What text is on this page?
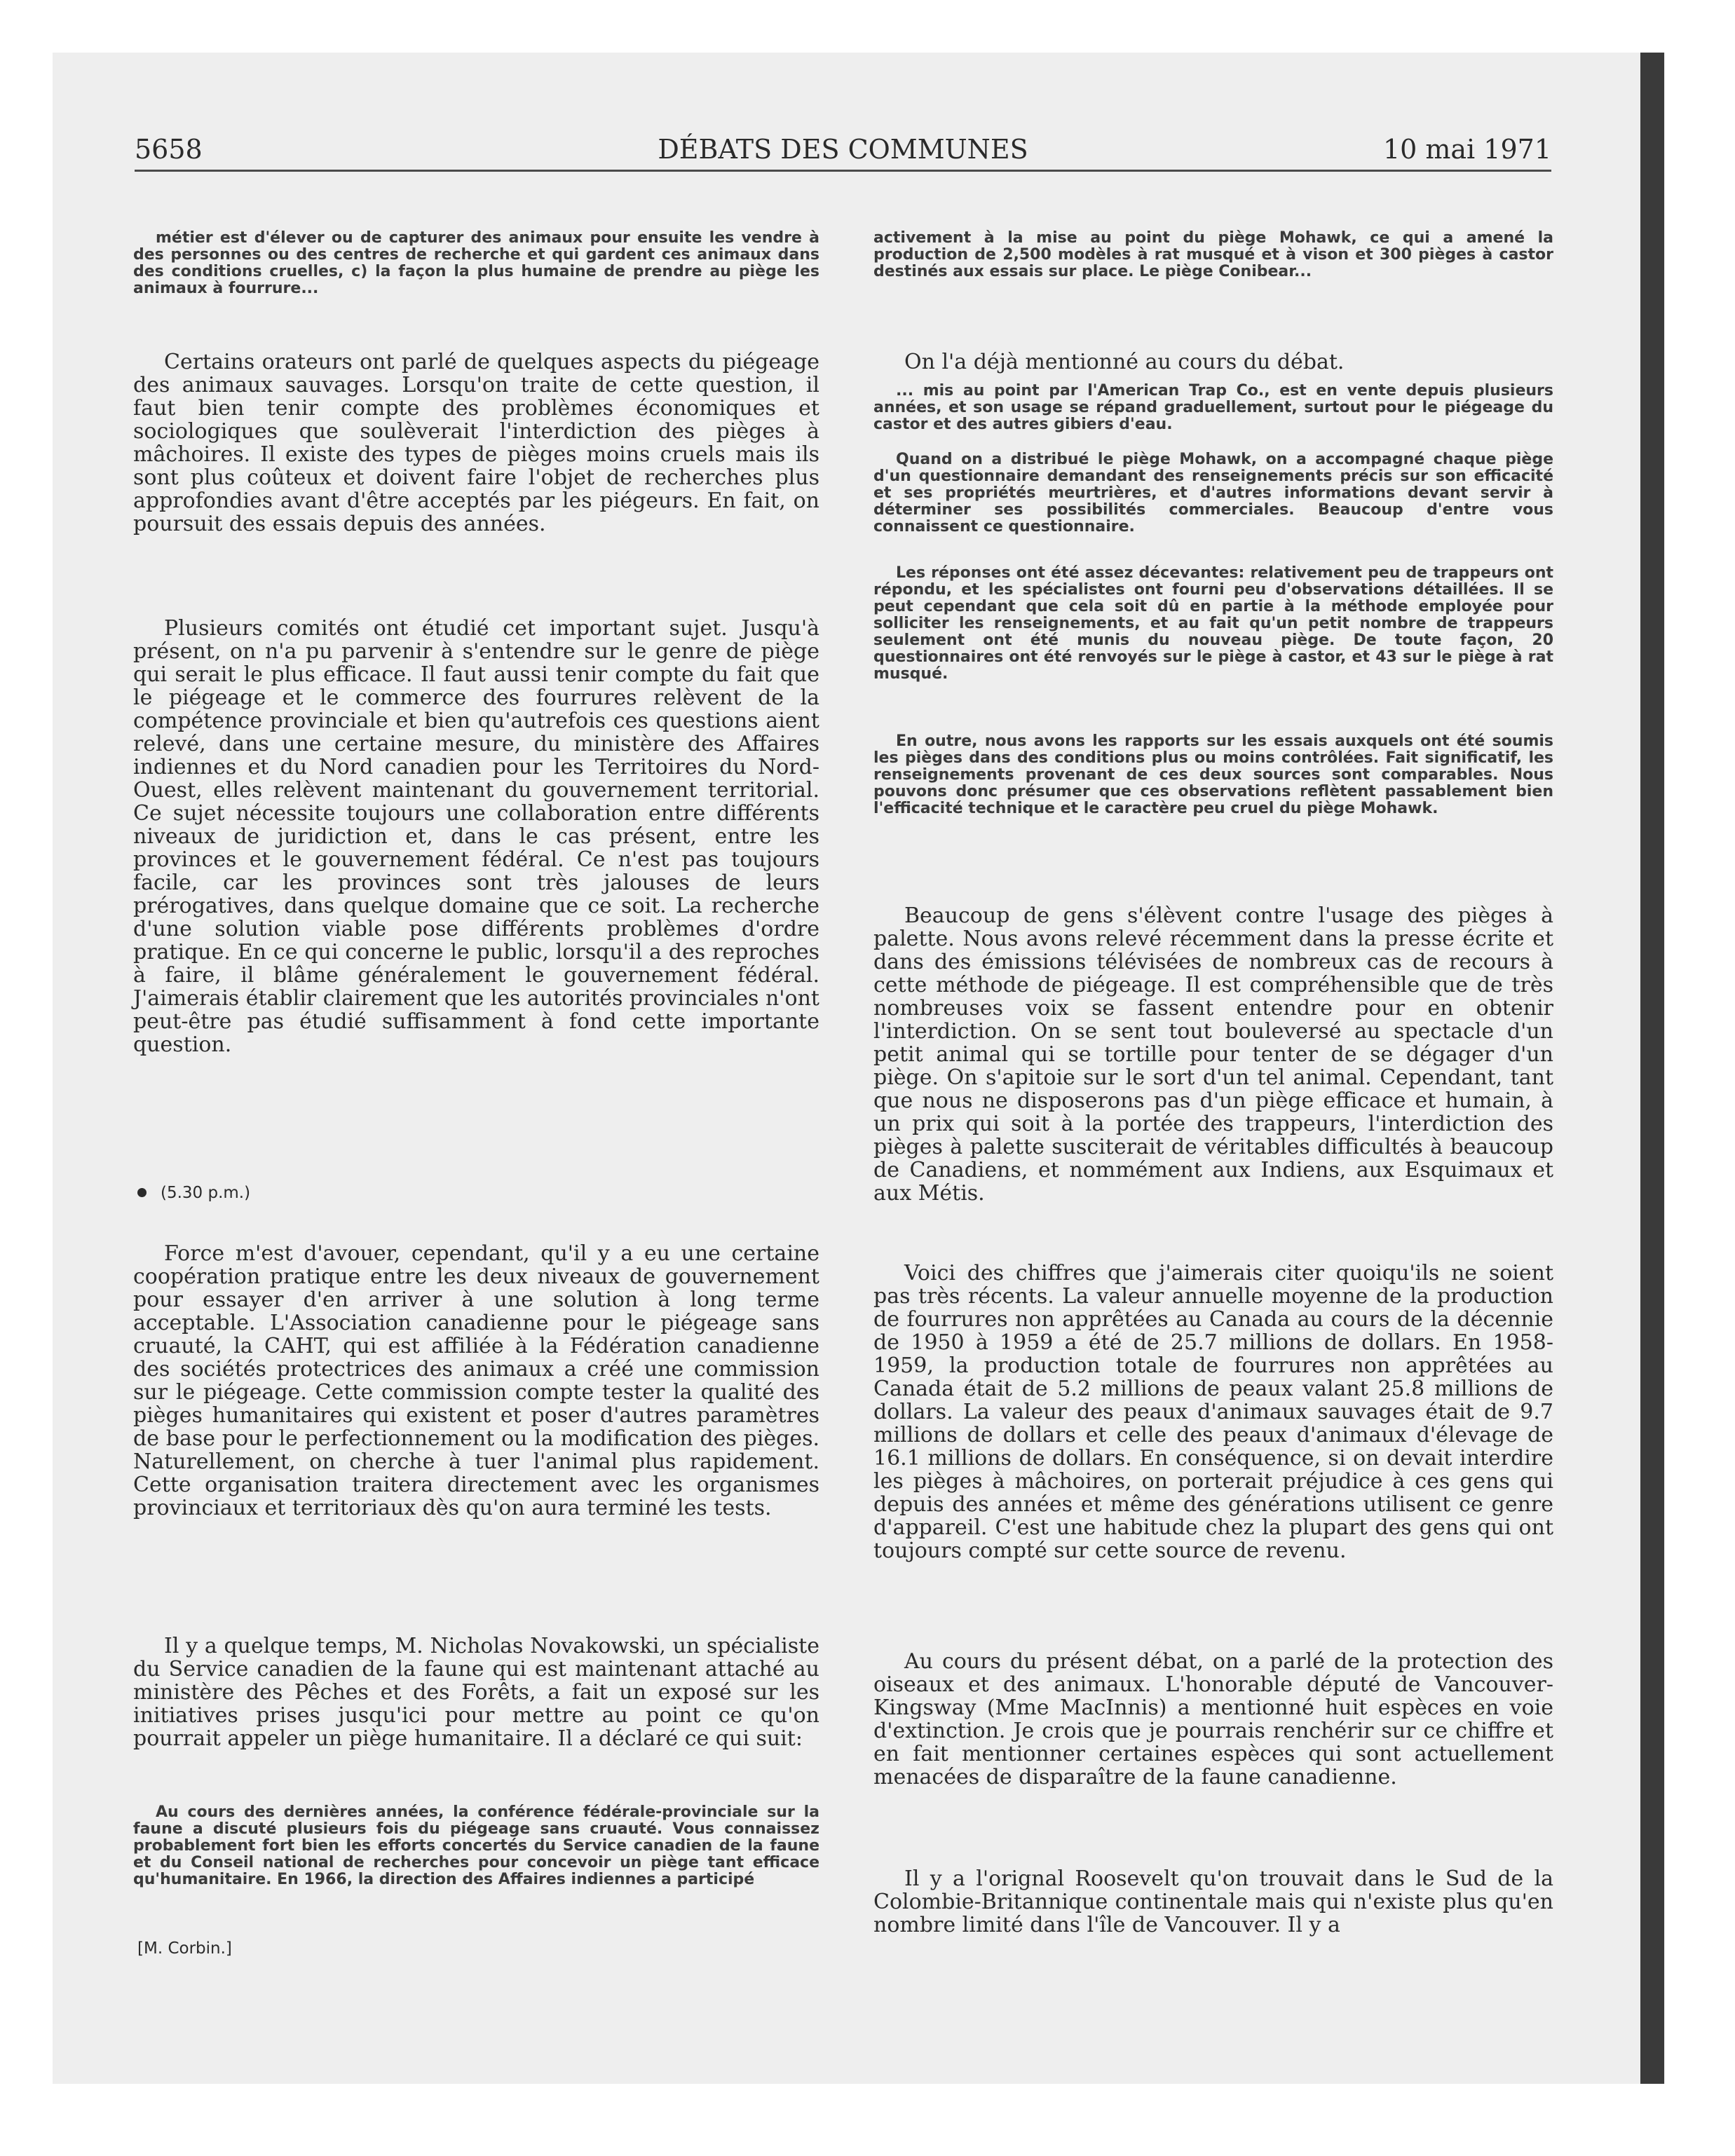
5658	DÉBATS DES COMMUNES	10 mai 1971

métier est d'élever ou de capturer des animaux pour ensuite les vendre à des personnes ou des centres de recherche et qui gardent ces animaux dans des conditions cruelles, c) la façon la plus humaine de prendre au piège les animaux à fourrure...

Certains orateurs ont parlé de quelques aspects du piégeage des animaux sauvages. Lorsqu'on traite de cette question, il faut bien tenir compte des problèmes économiques et sociologiques que soulèverait l'interdiction des pièges à mâchoires. Il existe des types de pièges moins cruels mais ils sont plus coûteux et doivent faire l'objet de recherches plus approfondies avant d'être acceptés par les piégeurs. En fait, on poursuit des essais depuis des années.

Plusieurs comités ont étudié cet important sujet. Jusqu'à présent, on n'a pu parvenir à s'entendre sur le genre de piège qui serait le plus efficace. Il faut aussi tenir compte du fait que le piégeage et le commerce des fourrures relèvent de la compétence provinciale et bien qu'autrefois ces questions aient relevé, dans une certaine mesure, du ministère des Affaires indiennes et du Nord canadien pour les Territoires du Nord-Ouest, elles relèvent maintenant du gouvernement territorial. Ce sujet nécessite toujours une collaboration entre différents niveaux de juridiction et, dans le cas présent, entre les provinces et le gouvernement fédéral. Ce n'est pas toujours facile, car les provinces sont très jalouses de leurs prérogatives, dans quelque domaine que ce soit. La recherche d'une solution viable pose différents problèmes d'ordre pratique. En ce qui concerne le public, lorsqu'il a des reproches à faire, il blâme généralement le gouvernement fédéral. J'aimerais établir clairement que les autorités provinciales n'ont peut-être pas étudié suffisamment à fond cette importante question.

(5.30 p.m.)

Force m'est d'avouer, cependant, qu'il y a eu une certaine coopération pratique entre les deux niveaux de gouvernement pour essayer d'en arriver à une solution à long terme acceptable. L'Association canadienne pour le piégeage sans cruauté, la CAHT, qui est affiliée à la Fédération canadienne des sociétés protectrices des animaux a créé une commission sur le piégeage. Cette commission compte tester la qualité des pièges humanitaires qui existent et poser d'autres paramètres de base pour le perfectionnement ou la modification des pièges. Naturellement, on cherche à tuer l'animal plus rapidement. Cette organisation traitera directement avec les organismes provinciaux et territoriaux dès qu'on aura terminé les tests.

Il y a quelque temps, M. Nicholas Novakowski, un spécialiste du Service canadien de la faune qui est maintenant attaché au ministère des Pêches et des Forêts, a fait un exposé sur les initiatives prises jusqu'ici pour mettre au point ce qu'on pourrait appeler un piège humanitaire. Il a déclaré ce qui suit:

Au cours des dernières années, la conférence fédérale-provinciale sur la faune a discuté plusieurs fois du piégeage sans cruauté. Vous connaissez probablement fort bien les efforts concertés du Service canadien de la faune et du Conseil national de recherches pour concevoir un piège tant efficace qu'humanitaire. En 1966, la direction des Affaires indiennes a participé

[M. Corbin.]

activement à la mise au point du piège Mohawk, ce qui a amené la production de 2,500 modèles à rat musqué et à vison et 300 pièges à castor destinés aux essais sur place. Le piège Conibear...

On l'a déjà mentionné au cours du débat.

... mis au point par l'American Trap Co., est en vente depuis plusieurs années, et son usage se répand graduellement, surtout pour le piégeage du castor et des autres gibiers d'eau.

Quand on a distribué le piège Mohawk, on a accompagné chaque piège d'un questionnaire demandant des renseignements précis sur son efficacité et ses propriétés meurtrières, et d'autres informations devant servir à déterminer ses possibilités commerciales. Beaucoup d'entre vous connaissent ce questionnaire.

Les réponses ont été assez décevantes: relativement peu de trappeurs ont répondu, et les spécialistes ont fourni peu d'observations détaillées. Il se peut cependant que cela soit dû en partie à la méthode employée pour solliciter les renseignements, et au fait qu'un petit nombre de trappeurs seulement ont été munis du nouveau piège. De toute façon, 20 questionnaires ont été renvoyés sur le piège à castor, et 43 sur le piège à rat musqué.

En outre, nous avons les rapports sur les essais auxquels ont été soumis les pièges dans des conditions plus ou moins contrôlées. Fait significatif, les renseignements provenant de ces deux sources sont comparables. Nous pouvons donc présumer que ces observations reflètent passablement bien l'efficacité technique et le caractère peu cruel du piège Mohawk.

Beaucoup de gens s'élèvent contre l'usage des pièges à palette. Nous avons relevé récemment dans la presse écrite et dans des émissions télévisées de nombreux cas de recours à cette méthode de piégeage. Il est compréhensible que de très nombreuses voix se fassent entendre pour en obtenir l'interdiction. On se sent tout bouleversé au spectacle d'un petit animal qui se tortille pour tenter de se dégager d'un piège. On s'apitoie sur le sort d'un tel animal. Cependant, tant que nous ne disposerons pas d'un piège efficace et humain, à un prix qui soit à la portée des trappeurs, l'interdiction des pièges à palette susciterait de véritables difficultés à beaucoup de Canadiens, et nommément aux Indiens, aux Esquimaux et aux Métis.

Voici des chiffres que j'aimerais citer quoiqu'ils ne soient pas très récents. La valeur annuelle moyenne de la production de fourrures non apprêtées au Canada au cours de la décennie de 1950 à 1959 a été de 25.7 millions de dollars. En 1958-1959, la production totale de fourrures non apprêtées au Canada était de 5.2 millions de peaux valant 25.8 millions de dollars. La valeur des peaux d'animaux sauvages était de 9.7 millions de dollars et celle des peaux d'animaux d'élevage de 16.1 millions de dollars. En conséquence, si on devait interdire les pièges à mâchoires, on porterait préjudice à ces gens qui depuis des années et même des générations utilisent ce genre d'appareil. C'est une habitude chez la plupart des gens qui ont toujours compté sur cette source de revenu.

Au cours du présent débat, on a parlé de la protection des oiseaux et des animaux. L'honorable député de Vancouver-Kingsway (Mme MacInnis) a mentionné huit espèces en voie d'extinction. Je crois que je pourrais renchérir sur ce chiffre et en fait mentionner certaines espèces qui sont actuellement menacées de disparaître de la faune canadienne.

Il y a l'orignal Roosevelt qu'on trouvait dans le Sud de la Colombie-Britannique continentale mais qui n'existe plus qu'en nombre limité dans l'île de Vancouver. Il y a
